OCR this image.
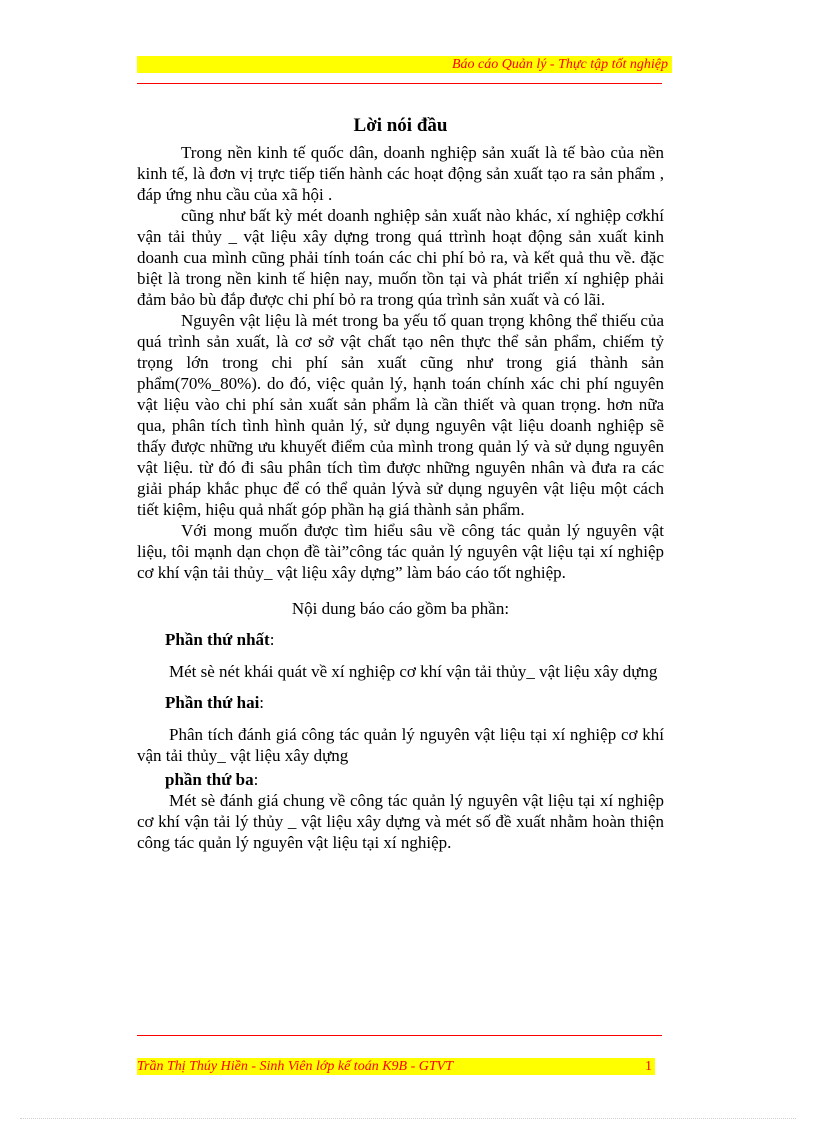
Báo cáo Quản lý - Thực tập tốt nghiệp
Lời nói đầu

Trong nền kinh tế quốc dân, doanh nghiệp sản xuất là tế bào của nền kinh tế, là đơn vị trực tiếp tiến hành các hoạt động sản xuất tạo ra sản phẩm , đáp ứng nhu cầu của xã hội .

cũng như bất kỳ mét doanh nghiệp sản xuất nào khác, xí nghiệp cơkhí vận tải thủy _ vật liệu xây dựng trong quá ttrình hoạt động sản xuất kinh doanh cua mình cũng phải tính toán các chi phí bỏ ra, và kết quả thu về. đặc biệt là trong nền kinh tế hiện nay, muốn tồn tại và phát triển xí nghiệp phải đảm bảo bù đắp được chi phí bỏ ra trong qúa trình sản xuất và có lãi.

Nguyên vật liệu là mét trong ba yếu tố quan trọng không thể thiếu của quá trình sản xuất, là cơ sở vật chất tạo nên thực thể sản phẩm, chiếm tỷ trọng lớn trong chi phí sản xuất cũng như trong giá thành sản phẩm(70%_80%). do đó, việc quản lý, hạnh toán chính xác chi phí nguyên vật liệu vào chi phí sản xuất sản phẩm là cần thiết và quan trọng. hơn nữa qua, phân tích tình hình quản lý, sử dụng nguyên vật liệu doanh nghiệp sẽ thấy được những ưu khuyết điểm của mình trong quản lý và sử dụng nguyên vật liệu. từ đó đi sâu phân tích tìm được những nguyên nhân và đưa ra các giải pháp khắc phục để có thể quản lývà sử dụng nguyên vật liệu một cách tiết kiệm, hiệu quả nhất góp phần hạ giá thành sản phẩm.

Với mong muốn được tìm hiểu sâu về công tác quản lý nguyên vật liệu, tôi mạnh dạn chọn đề tài”công tác quản lý nguyên vật liệu tại xí nghiệp cơ khí vận tải thủy_ vật liệu xây dựng” làm báo cáo tốt nghiệp.

Nội dung báo cáo gồm ba phần:

Phần thứ nhất:

Mét sè nét khái quát về xí nghiệp cơ khí vận tải thủy_ vật liệu xây dựng

Phần thứ hai:

Phân tích đánh giá công tác quản lý nguyên vật liệu tại xí nghiệp cơ khí vận tải thủy_ vật liệu xây dựng

phần thứ ba:

Mét sè đánh giá chung về công tác quản lý nguyên vật liệu tại xí nghiệp cơ khí vận tải lý thủy _ vật liệu xây dựng và mét số đề xuất nhằm hoàn thiện công tác quản lý nguyên vật liệu tại xí nghiệp.

Trần Thị Thúy Hiền - Sinh Viên lớp kế toán K9B - GTVT	1
